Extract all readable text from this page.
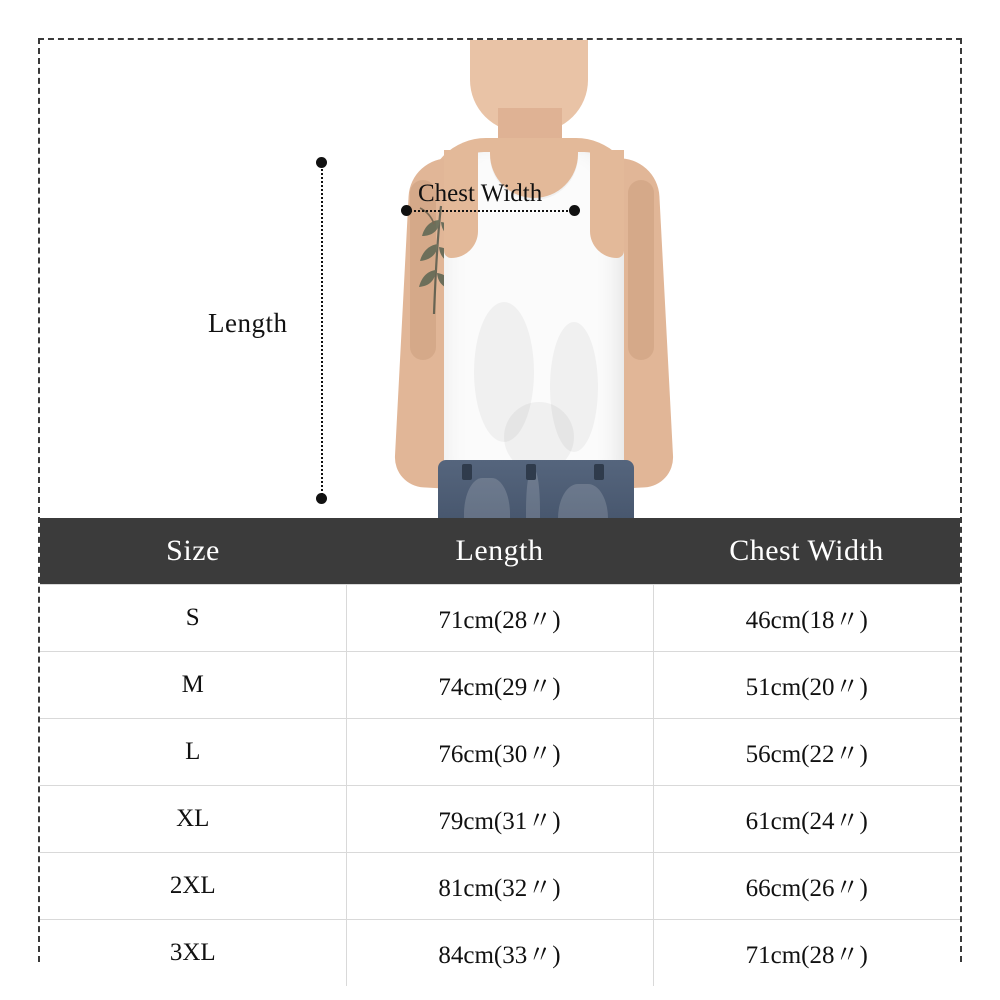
Length
Chest Width
Size	Length	Chest Width
S	71cm(28〃)	46cm(18〃)
M	74cm(29〃)	51cm(20〃)
L	76cm(30〃)	56cm(22〃)
XL	79cm(31〃)	61cm(24〃)
2XL	81cm(32〃)	66cm(26〃)
3XL	84cm(33〃)	71cm(28〃)
